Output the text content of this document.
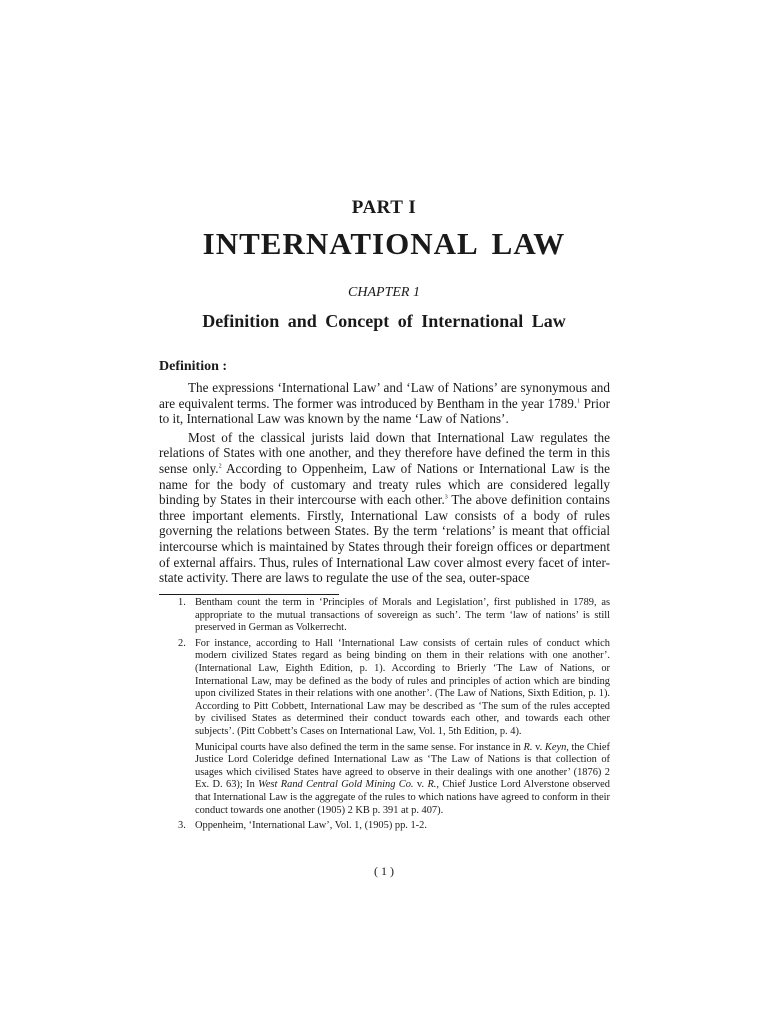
PART I
INTERNATIONAL LAW
CHAPTER 1
Definition and Concept of International Law
Definition :

The expressions ‘International Law’ and ‘Law of Nations’ are synonymous and are equivalent terms. The former was introduced by Bentham in the year 1789.$^1$ Prior to it, International Law was known by the name ‘Law of Nations’.

Most of the classical jurists laid down that International Law regulates the relations of States with one another, and they therefore have defined the term in this sense only.$^2$ According to Oppenheim, Law of Nations or International Law is the name for the body of customary and treaty rules which are considered legally binding by States in their intercourse with each other.$^3$ The above definition contains three important elements. Firstly, International Law consists of a body of rules governing the relations between States. By the term ‘relations’ is meant that official intercourse which is maintained by States through their foreign offices or department of external affairs. Thus, rules of International Law cover almost every facet of inter-state activity. There are laws to regulate the use of the sea, outer-space

1. Bentham count the term in ‘Principles of Morals and Legislation’, first published in 1789, as appropriate to the mutual transactions of sovereign as such’. The term ‘law of nations’ is still preserved in German as Volkerrecht.
2. For instance, according to Hall ‘International Law consists of certain rules of conduct which modern civilized States regard as being binding on them in their relations with one another’. (International Law, Eighth Edition, p. 1). According to Brierly ‘The Law of Nations, or International Law, may be defined as the body of rules and principles of action which are binding upon civilized States in their relations with one another’. (The Law of Nations, Sixth Edition, p. 1). According to Pitt Cobbett, International Law may be described as ‘The sum of the rules accepted by civilised States as determined their conduct towards each other, and towards each other subjects’. (Pitt Cobbett’s Cases on International Law, Vol. 1, 5th Edition, p. 4).
Municipal courts have also defined the term in the same sense. For instance in R. v. Keyn, the Chief Justice Lord Coleridge defined International Law as ‘The Law of Nations is that collection of usages which civilised States have agreed to observe in their dealings with one another’ (1876) 2 Ex. D. 63); In West Rand Central Gold Mining Co. v. R., Chief Justice Lord Alverstone observed that International Law is the aggregate of the rules to which nations have agreed to conform in their conduct towards one another (1905) 2 KB p. 391 at p. 407).
3. Oppenheim, ‘International Law’, Vol. 1, (1905) pp. 1-2.
( 1 )
